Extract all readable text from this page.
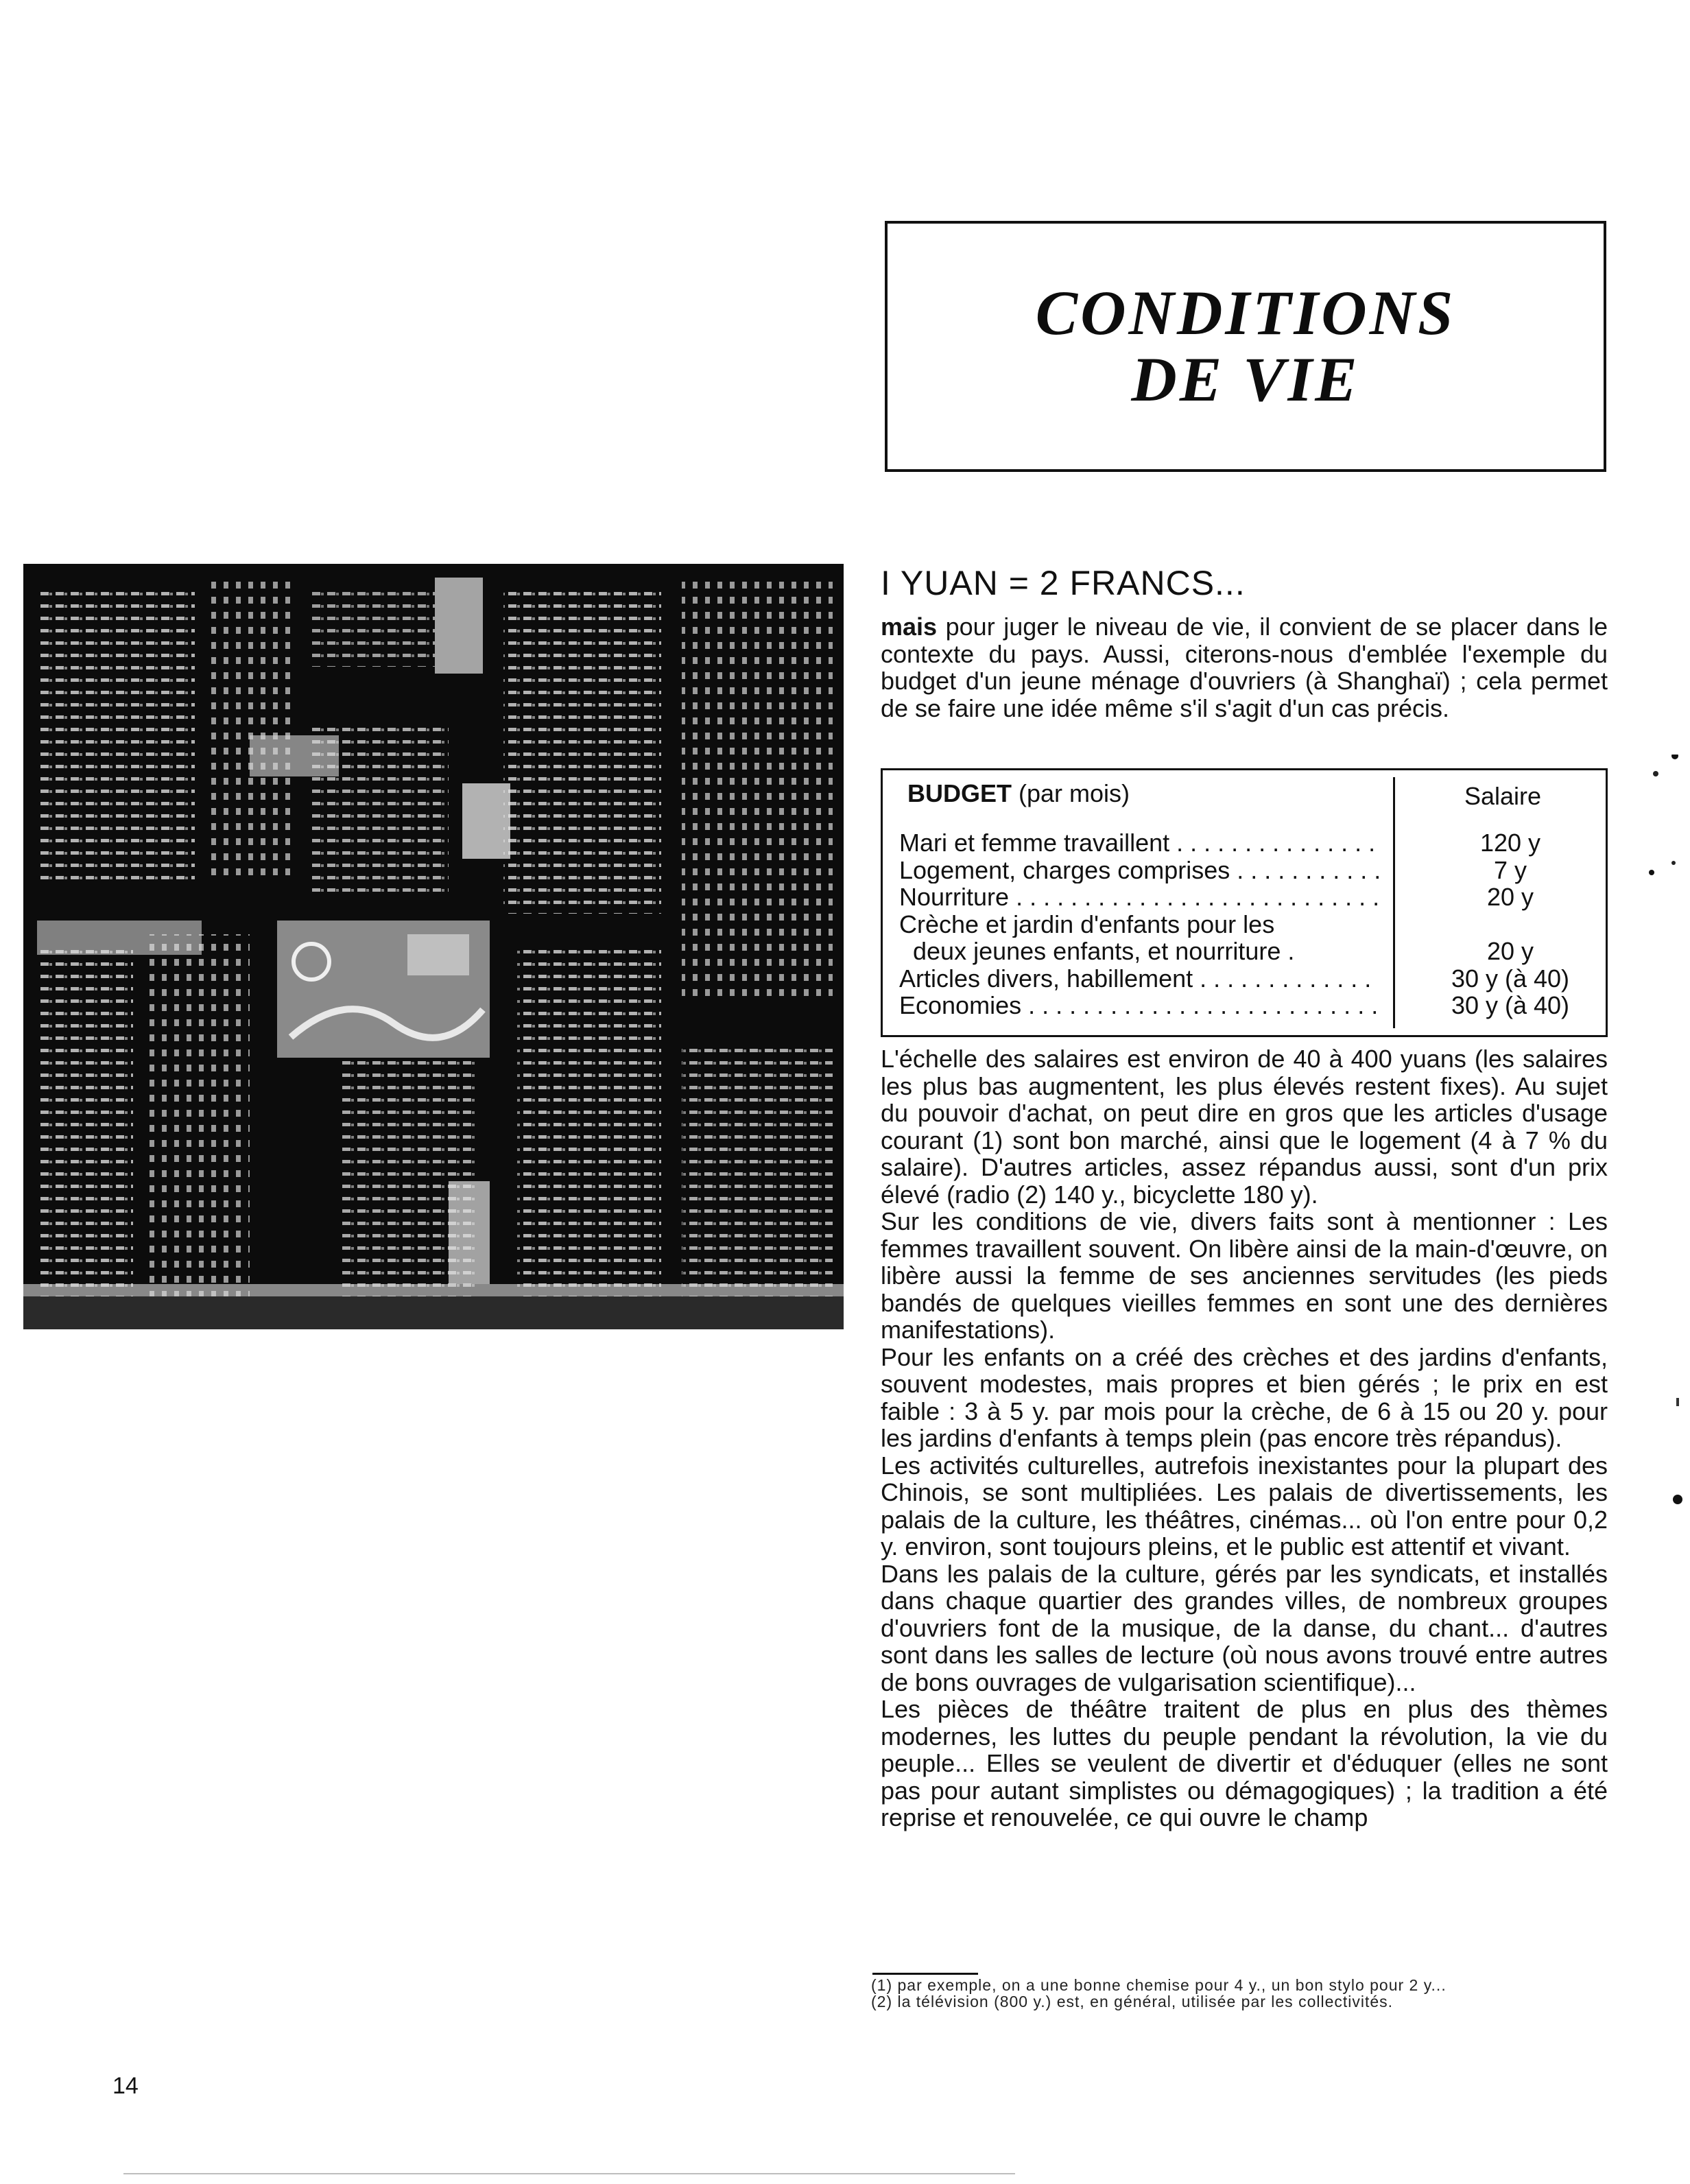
CONDITIONS
DE VIE
I YUAN = 2 FRANCS...
mais pour juger le niveau de vie, il convient de se placer dans le contexte du pays. Aussi, citerons-nous d'emblée l'exemple du budget d'un jeune ménage d'ouvriers (à Shanghaï) ; cela permet de se faire une idée même s'il s'agit d'un cas précis.
BUDGET (par mois)	Salaire
Mari et femme travaillent . . .	120 y
Logement, charges comprises . . .	7 y
Nourriture . . .	20 y
Crèche et jardin d'enfants pour les
deux jeunes enfants, et nourriture .	20 y
Articles divers, habillement . . .	30 y (à 40)
Economies . . .	30 y (à 40)

L'échelle des salaires est environ de 40 à 400 yuans (les salaires les plus bas augmentent, les plus élevés restent fixes). Au sujet du pouvoir d'achat, on peut dire en gros que les articles d'usage courant (1) sont bon marché, ainsi que le logement (4 à 7 % du salaire). D'autres articles, assez répandus aussi, sont d'un prix élevé (radio (2) 140 y., bicyclette 180 y).

Sur les conditions de vie, divers faits sont à mentionner : Les femmes travaillent souvent. On libère ainsi de la main-d'œuvre, on libère aussi la femme de ses anciennes servitudes (les pieds bandés de quelques vieilles femmes en sont une des dernières manifestations).

Pour les enfants on a créé des crèches et des jardins d'enfants, souvent modestes, mais propres et bien gérés ; le prix en est faible : 3 à 5 y. par mois pour la crèche, de 6 à 15 ou 20 y. pour les jardins d'enfants à temps plein (pas encore très répandus).

Les activités culturelles, autrefois inexistantes pour la plupart des Chinois, se sont multipliées. Les palais de divertissements, les palais de la culture, les théâtres, cinémas... où l'on entre pour 0,2 y. environ, sont toujours pleins, et le public est attentif et vivant.

Dans les palais de la culture, gérés par les syndicats, et installés dans chaque quartier des grandes villes, de nombreux groupes d'ouvriers font de la musique, de la danse, du chant... d'autres sont dans les salles de lecture (où nous avons trouvé entre autres de bons ouvrages de vulgarisation scientifique)...

Les pièces de théâtre traitent de plus en plus des thèmes modernes, les luttes du peuple pendant la révolution, la vie du peuple... Elles se veulent de divertir et d'éduquer (elles ne sont pas pour autant simplistes ou démagogiques) ; la tradition a été reprise et renouvelée, ce qui ouvre le champ

(1) par exemple, on a une bonne chemise pour 4 y., un bon stylo pour 2 y...

(2) la télévision (800 y.) est, en général, utilisée par les collectivités.

14
